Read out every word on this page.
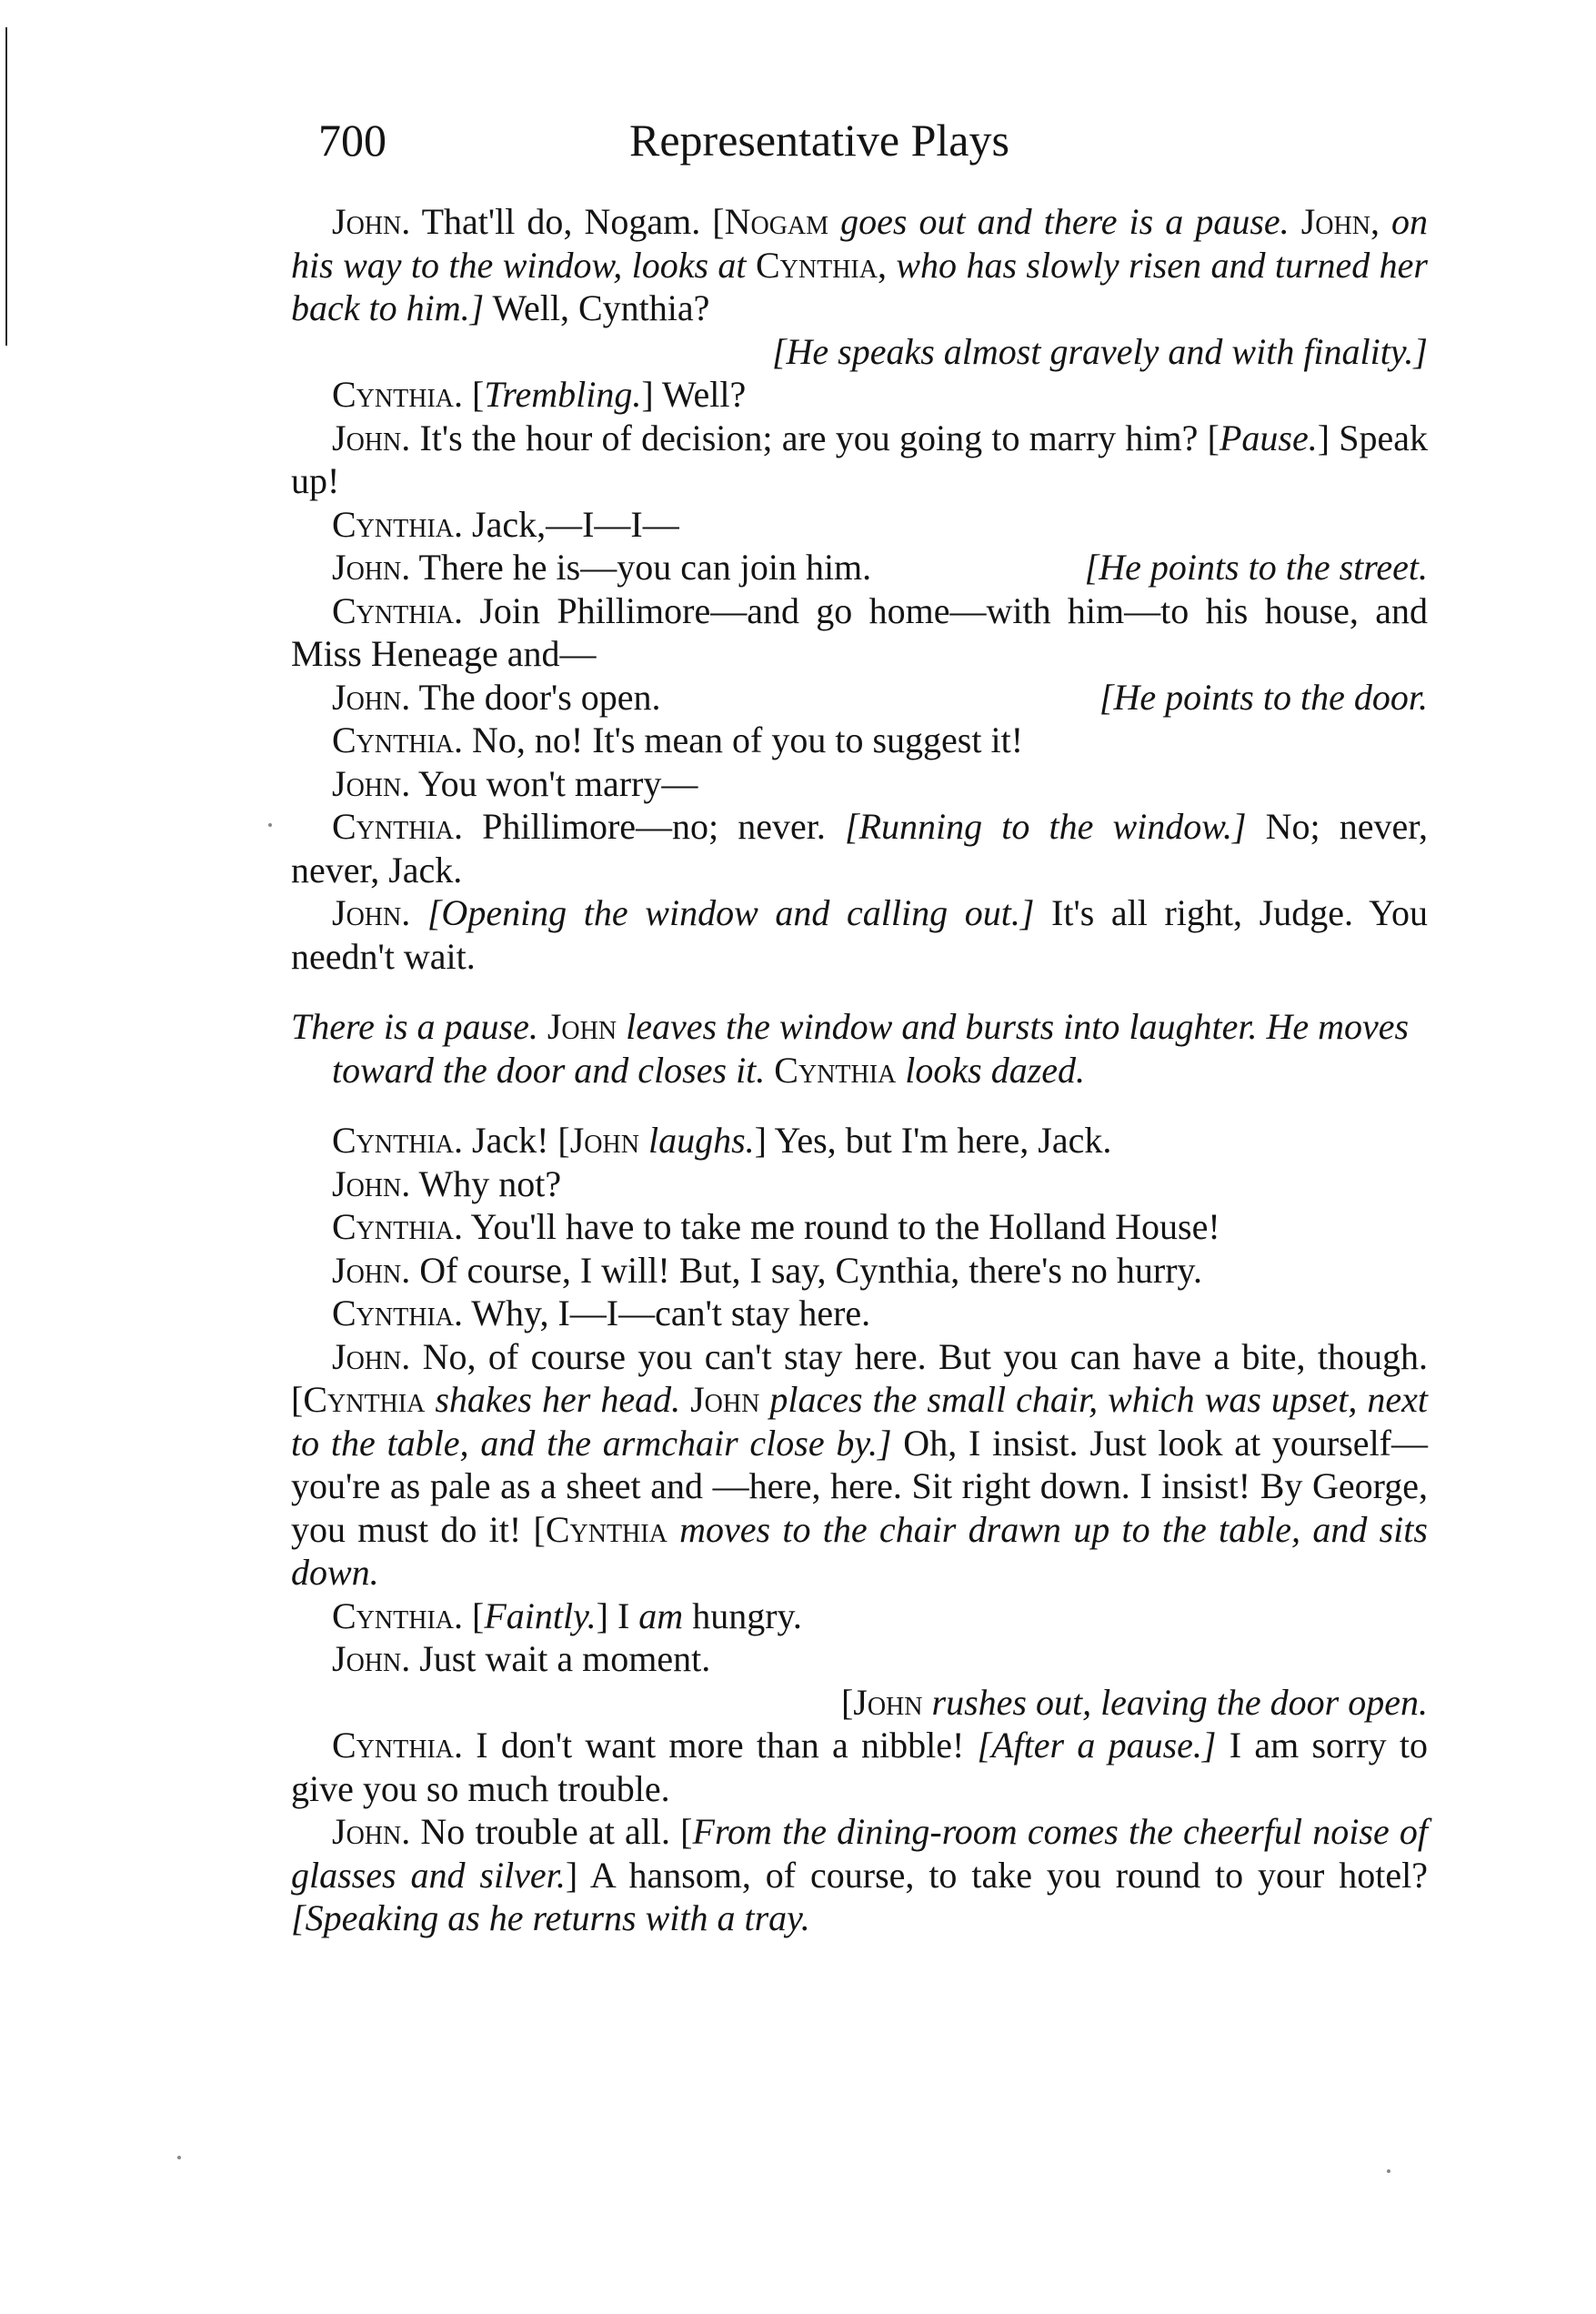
700	Representative Plays

John. That'll do, Nogam. [Nogam goes out and there is a pause. John, on his way to the window, looks at Cynthia, who has slowly risen and turned her back to him.] Well, Cynthia?

[He speaks almost gravely and with finality.]

Cynthia. [Trembling.] Well?

John. It's the hour of decision; are you going to marry him? [Pause.] Speak up!

Cynthia. Jack,—I—I—

John. There he is—you can join him.	[He points to the street.

Cynthia. Join Phillimore—and go home—with him—to his house, and Miss Heneage and—

John. The door's open.	[He points to the door.

Cynthia. No, no! It's mean of you to suggest it!

John. You won't marry—

Cynthia. Phillimore—no; never. [Running to the window.] No; never, never, Jack.

John. [Opening the window and calling out.] It's all right, Judge. You needn't wait.

There is a pause. John leaves the window and bursts into laughter. He moves toward the door and closes it. Cynthia looks dazed.

Cynthia. Jack! [John laughs.] Yes, but I'm here, Jack.

John. Why not?

Cynthia. You'll have to take me round to the Holland House!

John. Of course, I will! But, I say, Cynthia, there's no hurry.

Cynthia. Why, I—I—can't stay here.

John. No, of course you can't stay here. But you can have a bite, though. [Cynthia shakes her head. John places the small chair, which was upset, next to the table, and the armchair close by.] Oh, I insist. Just look at yourself—you're as pale as a sheet and —here, here. Sit right down. I insist! By George, you must do it! [Cynthia moves to the chair drawn up to the table, and sits down.

Cynthia. [Faintly.] I am hungry.

John. Just wait a moment.

[John rushes out, leaving the door open.

Cynthia. I don't want more than a nibble! [After a pause.] I am sorry to give you so much trouble.

John. No trouble at all. [From the dining-room comes the cheerful noise of glasses and silver.] A hansom, of course, to take you round to your hotel? [Speaking as he returns with a tray.
